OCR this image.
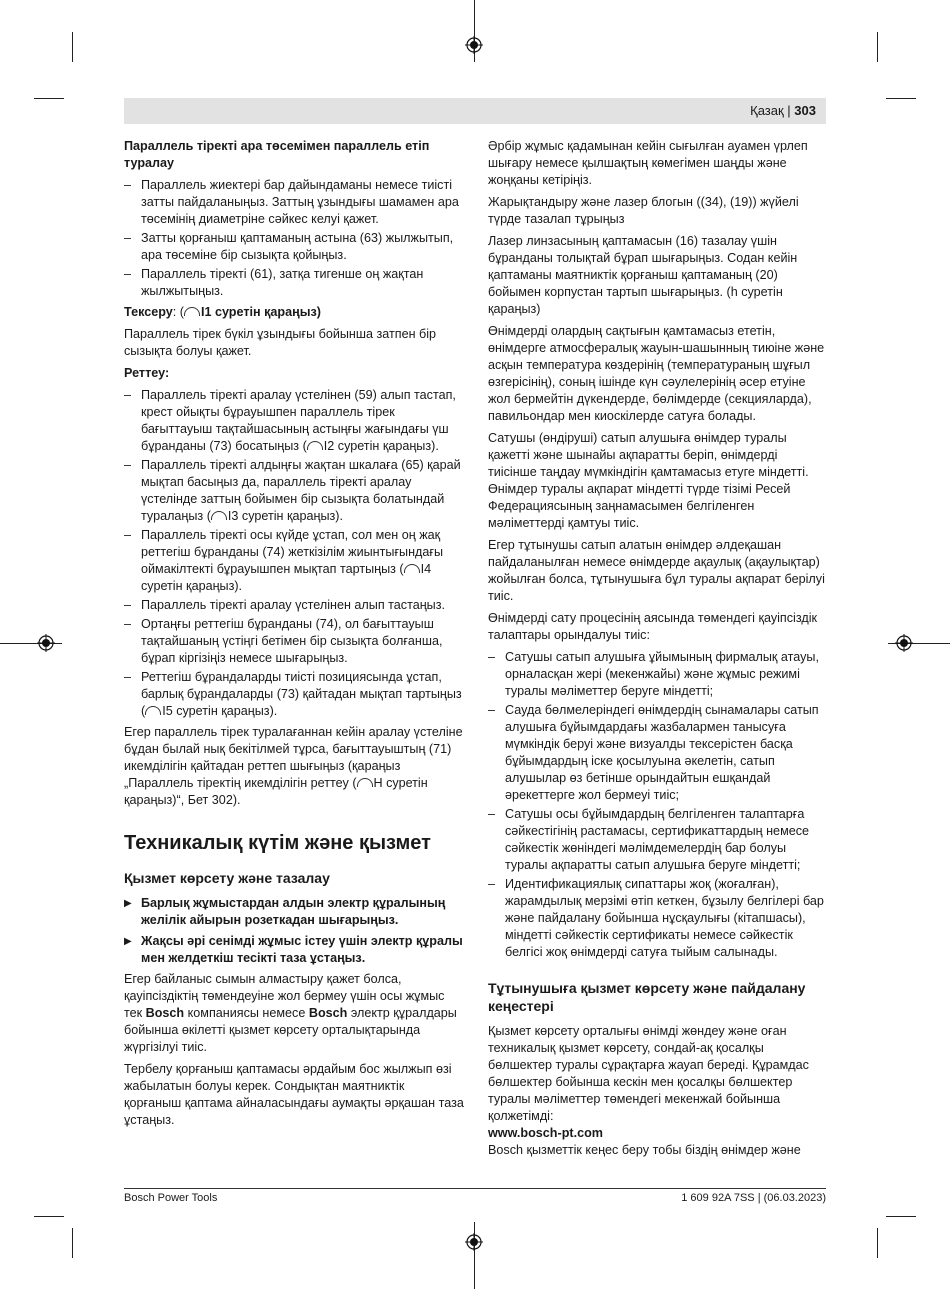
Қазақ | 303

Параллель тіректі ара төсемімен параллель етіп туралау

– Параллель жиектері бар дайындаманы немесе тиісті затты пайдаланыңыз. Заттың ұзындығы шамамен ара төсемінің диаметріне сәйкес келуі қажет.
– Затты қорғаныш қаптаманың астына (63) жылжытып, ара төсеміне бір сызықта қойыңыз.
– Параллель тіректі (61), затқа тигенше оң жақтан жылжытыңыз.

Тексеру: ( I1 суретін қараңыз)

Параллель тірек бүкіл ұзындығы бойынша затпен бір сызықта болуы қажет.

Реттеу:

– Параллель тіректі аралау үстелінен (59) алып тастап, крест ойықты бұрауышпен параллель тірек бағыттауыш тақтайшасының астыңғы жағындағы үш бұранданы (73) босатыңыз ( I2 суретін қараңыз).
– Параллель тіректі алдыңғы жақтан шкалаға (65) қарай мықтап басыңыз да, параллель тіректі аралау үстелінде заттың бойымен бір сызықта болатындай туралаңыз ( I3 суретін қараңыз).
– Параллель тіректі осы күйде ұстап, сол мен оң жақ реттегіш бұранданы (74) жеткізілім жиынтығындағы оймакілтекті бұрауышпен мықтап тартыңыз ( I4 суретін қараңыз).
– Параллель тіректі аралау үстелінен алып тастаңыз.
– Ортаңғы реттегіш бұранданы (74), ол бағыттауыш тақтайшаның үстіңгі бетімен бір сызықта болғанша, бұрап кіргізіңіз немесе шығарыңыз.
– Реттегіш бұрандаларды тиісті позициясында ұстап, барлық бұрандаларды (73) қайтадан мықтап тартыңыз ( I5 суретін қараңыз).

Егер параллель тірек туралағаннан кейін аралау үстеліне бұдан былай нық бекітілмей тұрса, бағыттауыштың (71) икемділігін қайтадан реттеп шығыңыз (қараңыз „Параллель тіректің икемділігін реттеу ( H суретін қараңыз)“, Бет 302).

Техникалық күтім және қызмет
Қызмет көрсету және тазалау
▶ Барлық жұмыстардан алдын электр құралының желілік айырын розеткадан шығарыңыз.
▶ Жақсы әрі сенімді жұмыс істеу үшін электр құралы мен желдеткіш тесікті таза ұстаңыз.

Егер байланыс сымын алмастыру қажет болса, қауіпсіздіктің төмендеуіне жол бермеу үшін осы жұмыс тек Bosch компаниясы немесе Bosch электр құралдары бойынша өкілетті қызмет көрсету орталықтарында жүргізілуі тиіс.

Тербелу қорғаныш қаптамасы әрдайым бос жылжып өзі жабылатын болуы керек. Сондықтан маятниктік қорғаныш қаптама айналасындағы аумақты әрқашан таза ұстаңыз.

Әрбір жұмыс қадамынан кейін сығылған ауамен үрлеп шығару немесе қылшақтың көмегімен шаңды және жоңқаны кетіріңіз.

Жарықтандыру және лазер блогын ((34), (19)) жүйелі түрде тазалап тұрыңыз

Лазер линзасының қаптамасын (16) тазалау үшін бұранданы толықтай бұрап шығарыңыз. Содан кейін қаптаманы маятниктік қорғаныш қаптаманың (20) бойымен корпустан тартып шығарыңыз. (h суретін қараңыз)

Өнімдерді олардың сақтығын қамтамасыз ететін, өнімдерге атмосфералық жауын-шашынның тиюіне және асқын температура көздерінің (температураның шұғыл өзгерісінің), соның ішінде күн сәулелерінің әсер етуіне жол бермейтін дүкендерде, бөлімдерде (секцияларда), павильондар мен киоскілерде сатуға болады.

Сатушы (өндіруші) сатып алушыға өнімдер туралы қажетті және шынайы ақпаратты беріп, өнімдерді тиісінше таңдау мүмкіндігін қамтамасыз етуге міндетті. Өнімдер туралы ақпарат міндетті түрде тізімі Ресей Федерациясының заңнамасымен белгіленген мәліметтерді қамтуы тиіс.

Егер тұтынушы сатып алатын өнімдер әлдеқашан пайдаланылған немесе өнімдерде ақаулық (ақаулықтар) жойылған болса, тұтынушыға бұл туралы ақпарат берілуі тиіс.

Өнімдерді сату процесінің аясында төмендегі қауіпсіздік талаптары орындалуы тиіс:

– Сатушы сатып алушыға ұйымының фирмалық атауы, орналасқан жері (мекенжайы) және жұмыс режимі туралы мәліметтер беруге міндетті;
– Сауда бөлмелеріндегі өнімдердің сынамалары сатып алушыға бұйымдардағы жазбалармен танысуға мүмкіндік беруі және визуалды тексерістен басқа бұйымдардың іске қосылуына әкелетін, сатып алушылар өз бетінше орындайтын ешқандай әрекеттерге жол бермеуі тиіс;
– Сатушы осы бұйымдардың белгіленген талаптарға сәйкестігінің растамасы, сертификаттардың немесе сәйкестік жөніндегі мәлімдемелердің бар болуы туралы ақпаратты сатып алушыға беруге міндетті;
– Идентификациялық сипаттары жоқ (жоғалған), жарамдылық мерзімі өтіп кеткен, бұзылу белгілері бар және пайдалану бойынша нұсқаулығы (кітапшасы), міндетті сәйкестік сертификаты немесе сәйкестік белгісі жоқ өнімдерді сатуға тыйым салынады.
Тұтынушыға қызмет көрсету және пайдалану кеңестері

Қызмет көрсету орталығы өнімді жөндеу және оған техникалық қызмет көрсету, сондай-ақ қосалқы бөлшектер туралы сұрақтарға жауап береді. Құрамдас бөлшектер бойынша кескін мен қосалқы бөлшектер туралы мәліметтер төмендегі мекенжай бойынша қолжетімді:

www.bosch-pt.com

Bosch қызметтік кеңес беру тобы біздің өнімдер және

Bosch Power Tools	1 609 92A 7SS | (06.03.2023)
